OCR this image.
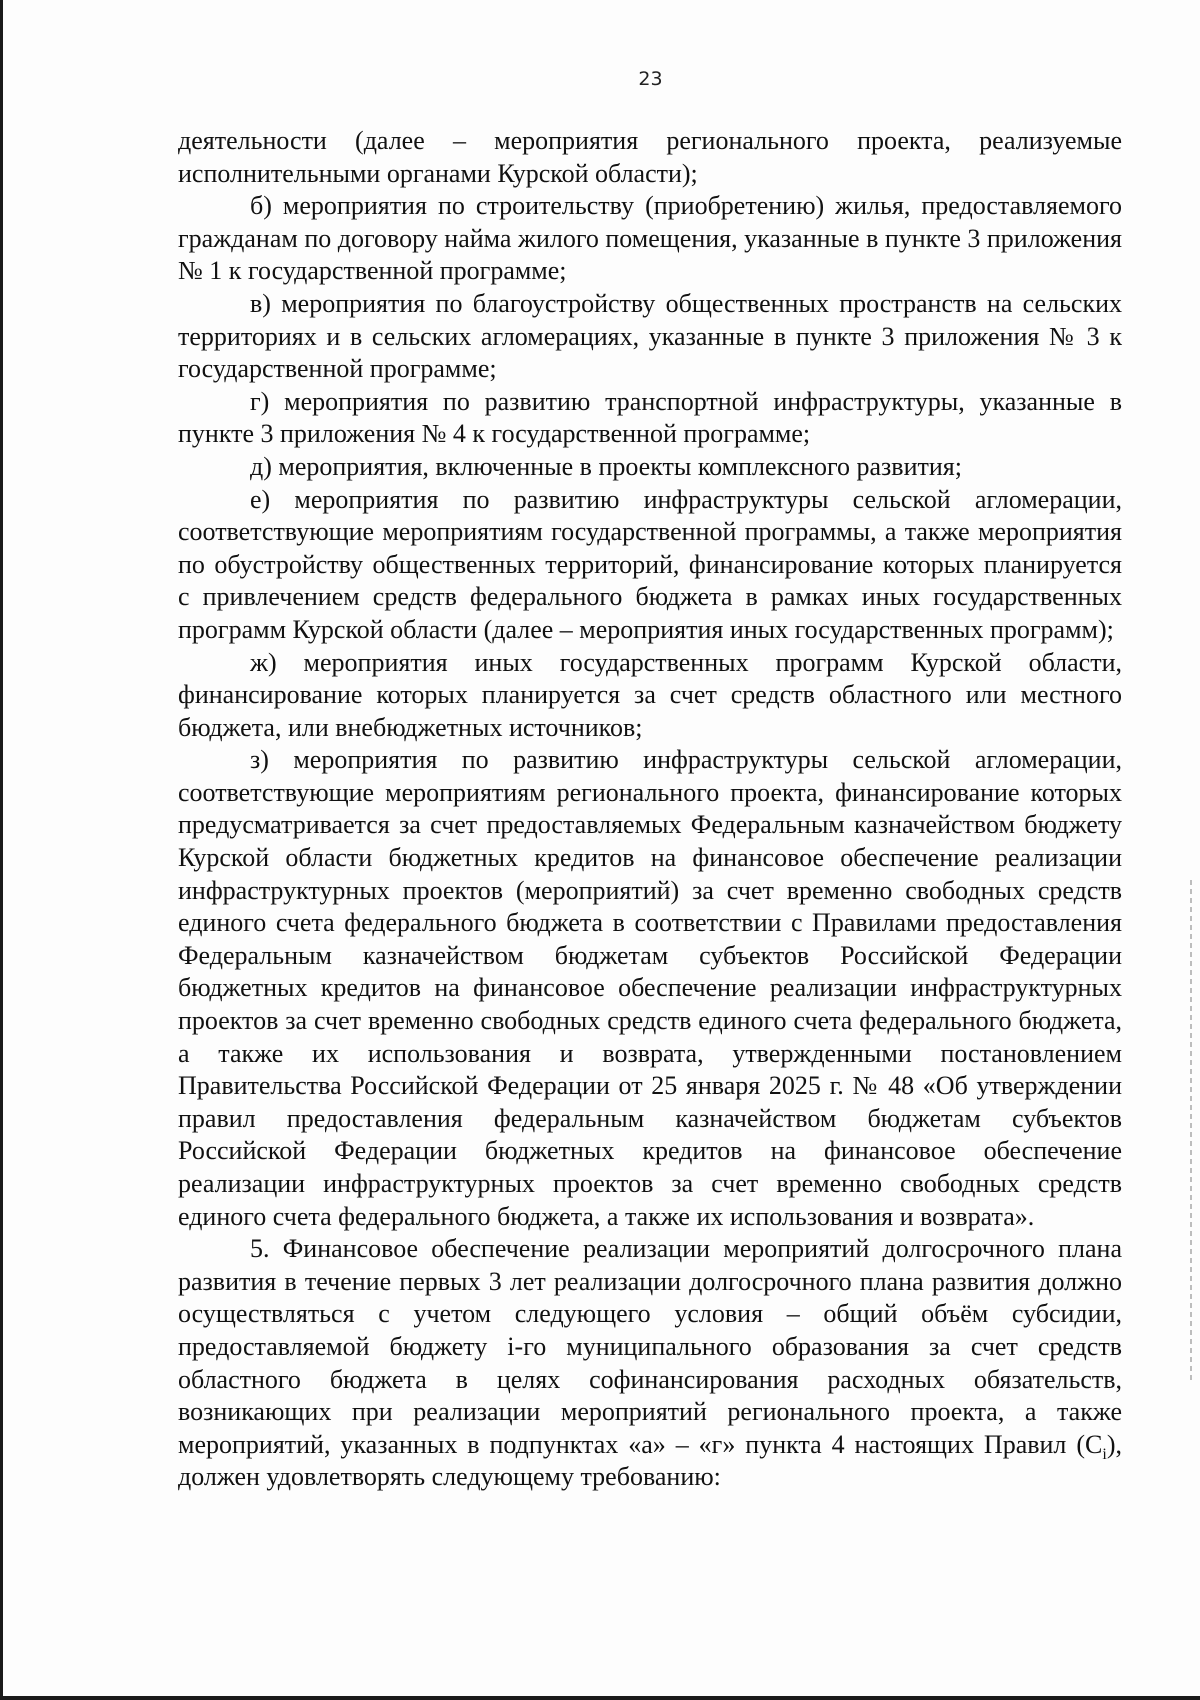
23

деятельности (далее – мероприятия регионального проекта, реализуемые исполнительными органами Курской области);

б) мероприятия по строительству (приобретению) жилья, предоставляемого гражданам по договору найма жилого помещения, указанные в пункте 3 приложения № 1 к государственной программе;

в) мероприятия по благоустройству общественных пространств на сельских территориях и в сельских агломерациях, указанные в пункте 3 приложения № 3 к государственной программе;

г) мероприятия по развитию транспортной инфраструктуры, указанные в пункте 3 приложения № 4 к государственной программе;

д) мероприятия, включенные в проекты комплексного развития;

е) мероприятия по развитию инфраструктуры сельской агломерации, соответствующие мероприятиям государственной программы, а также мероприятия по обустройству общественных территорий, финансирование которых планируется с привлечением средств федерального бюджета в рамках иных государственных программ Курской области (далее – мероприятия иных государственных программ);

ж) мероприятия иных государственных программ Курской области, финансирование которых планируется за счет средств областного или местного бюджета, или внебюджетных источников;

з) мероприятия по развитию инфраструктуры сельской агломерации, соответствующие мероприятиям регионального проекта, финансирование которых предусматривается за счет предоставляемых Федеральным казначейством бюджету Курской области бюджетных кредитов на финансовое обеспечение реализации инфраструктурных проектов (мероприятий) за счет временно свободных средств единого счета федерального бюджета в соответствии с Правилами предоставления Федеральным казначейством бюджетам субъектов Российской Федерации бюджетных кредитов на финансовое обеспечение реализации инфраструктурных проектов за счет временно свободных средств единого счета федерального бюджета, а также их использования и возврата, утвержденными постановлением Правительства Российской Федерации от 25 января 2025 г. № 48 «Об утверждении правил предоставления федеральным казначейством бюджетам субъектов Российской Федерации бюджетных кредитов на финансовое обеспечение реализации инфраструктурных проектов за счет временно свободных средств единого счета федерального бюджета, а также их использования и возврата».

5. Финансовое обеспечение реализации мероприятий долгосрочного плана развития в течение первых 3 лет реализации долгосрочного плана развития должно осуществляться с учетом следующего условия – общий объём субсидии, предоставляемой бюджету i-го муниципального образования за счет средств областного бюджета в целях софинансирования расходных обязательств, возникающих при реализации мероприятий регионального проекта, а также мероприятий, указанных в подпунктах «а» – «г» пункта 4 настоящих Правил $(C_i)$, должен удовлетворять следующему требованию:
